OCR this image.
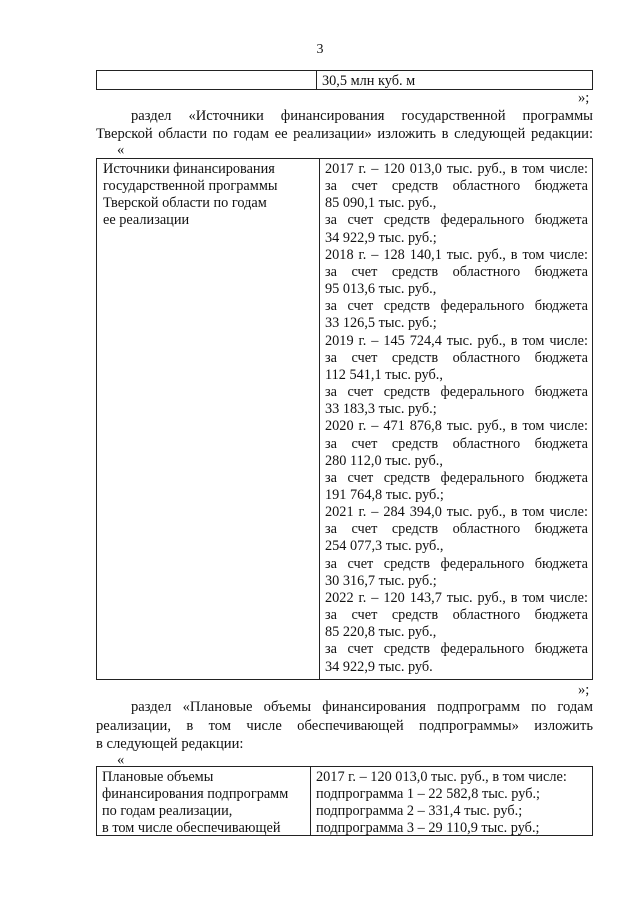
3
30,5 млн куб. м
»;
раздел «Источники финансирования государственной программы
Тверской области по годам ее реализации» изложить в следующей редакции:
«
Источники финансирования
государственной программы
Тверской области по годам
ее реализации
2017 г. – 120 013,0 тыс. руб., в том числе:
за счет средств областного бюджета
85 090,1 тыс. руб.,
за счет средств федерального бюджета
34 922,9 тыс. руб.;
2018 г. – 128 140,1 тыс. руб., в том числе:
за счет средств областного бюджета
95 013,6 тыс. руб.,
за счет средств федерального бюджета
33 126,5 тыс. руб.;
2019 г. – 145 724,4 тыс. руб., в том числе:
за счет средств областного бюджета
112 541,1 тыс. руб.,
за счет средств федерального бюджета
33 183,3 тыс. руб.;
2020 г. – 471 876,8 тыс. руб., в том числе:
за счет средств областного бюджета
280 112,0 тыс. руб.,
за счет средств федерального бюджета
191 764,8 тыс. руб.;
2021 г. – 284 394,0 тыс. руб., в том числе:
за счет средств областного бюджета
254 077,3 тыс. руб.,
за счет средств федерального бюджета
30 316,7 тыс. руб.;
2022 г. – 120 143,7 тыс. руб., в том числе:
за счет средств областного бюджета
85 220,8 тыс. руб.,
за счет средств федерального бюджета
34 922,9 тыс. руб.
»;
раздел «Плановые объемы финансирования подпрограмм по годам
реализации, в том числе обеспечивающей подпрограммы» изложить
в следующей редакции:
«
Плановые объемы
финансирования подпрограмм
по годам реализации,
в том числе обеспечивающей
2017 г. – 120 013,0 тыс. руб., в том числе:
подпрограмма 1 – 22 582,8 тыс. руб.;
подпрограмма 2 – 331,4 тыс. руб.;
подпрограмма 3 – 29 110,9 тыс. руб.;
